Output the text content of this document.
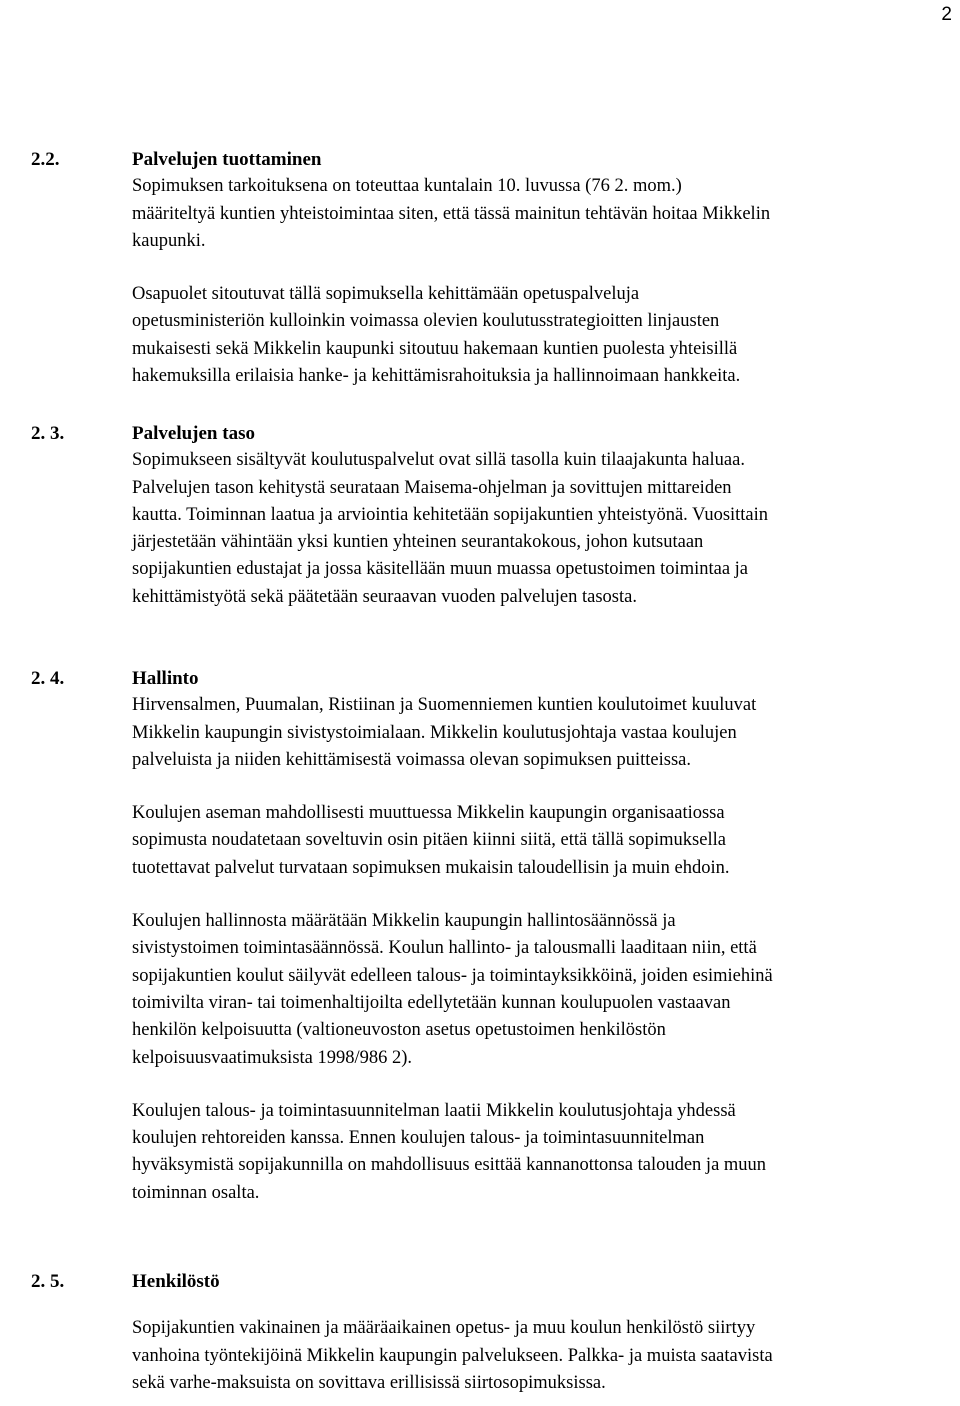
2
2.2.	Palvelujen tuottaminen
Sopimuksen tarkoituksena on toteuttaa kuntalain 10. luvussa (76 2. mom.)
määriteltyä kuntien yhteistoimintaa siten, että tässä mainitun tehtävän hoitaa Mikkelin
kaupunki.
Osapuolet sitoutuvat tällä sopimuksella kehittämään opetuspalveluja
opetusministeriön kulloinkin voimassa olevien koulutusstrategioitten linjausten
mukaisesti sekä Mikkelin kaupunki sitoutuu hakemaan kuntien puolesta yhteisillä
hakemuksilla erilaisia hanke- ja kehittämisrahoituksia ja hallinnoimaan hankkeita.
2. 3.	Palvelujen taso
Sopimukseen sisältyvät koulutuspalvelut ovat sillä tasolla kuin tilaajakunta haluaa.
Palvelujen tason kehitystä seurataan Maisema-ohjelman ja sovittujen mittareiden
kautta. Toiminnan laatua ja arviointia kehitetään sopijakuntien yhteistyönä. Vuosittain
järjestetään vähintään yksi kuntien yhteinen seurantakokous, johon kutsutaan
sopijakuntien edustajat ja jossa käsitellään muun muassa opetustoimen toimintaa ja
kehittämistyötä sekä päätetään seuraavan vuoden palvelujen tasosta.
2. 4.	Hallinto
Hirvensalmen, Puumalan, Ristiinan ja Suomenniemen kuntien koulutoimet kuuluvat
Mikkelin kaupungin sivistystoimialaan. Mikkelin koulutusjohtaja vastaa koulujen
palveluista ja niiden kehittämisestä voimassa olevan sopimuksen puitteissa.
Koulujen aseman mahdollisesti muuttuessa Mikkelin kaupungin organisaatiossa
sopimusta noudatetaan soveltuvin osin pitäen kiinni siitä, että tällä sopimuksella
tuotettavat palvelut turvataan sopimuksen mukaisin taloudellisin ja muin ehdoin.
Koulujen hallinnosta määrätään Mikkelin kaupungin hallintosäännössä ja
sivistystoimen toimintasäännössä. Koulun hallinto- ja talousmalli laaditaan niin, että
sopijakuntien koulut säilyvät edelleen talous- ja toimintayksikköinä, joiden esimiehinä
toimivilta viran- tai toimenhaltijoilta edellytetään kunnan koulupuolen vastaavan
henkilön kelpoisuutta (valtioneuvoston asetus opetustoimen henkilöstön
kelpoisuusvaatimuksista 1998/986 2).
Koulujen talous- ja toimintasuunnitelman laatii Mikkelin koulutusjohtaja yhdessä
koulujen rehtoreiden kanssa. Ennen koulujen talous- ja toimintasuunnitelman
hyväksymistä sopijakunnilla on mahdollisuus esittää kannanottonsa talouden ja muun
toiminnan osalta.
2. 5.	Henkilöstö
Sopijakuntien vakinainen ja määräaikainen opetus- ja muu koulun henkilöstö siirtyy
vanhoina työntekijöinä Mikkelin kaupungin palvelukseen. Palkka- ja muista saatavista
sekä varhe-maksuista on sovittava erillisissä siirtosopimuksissa.
